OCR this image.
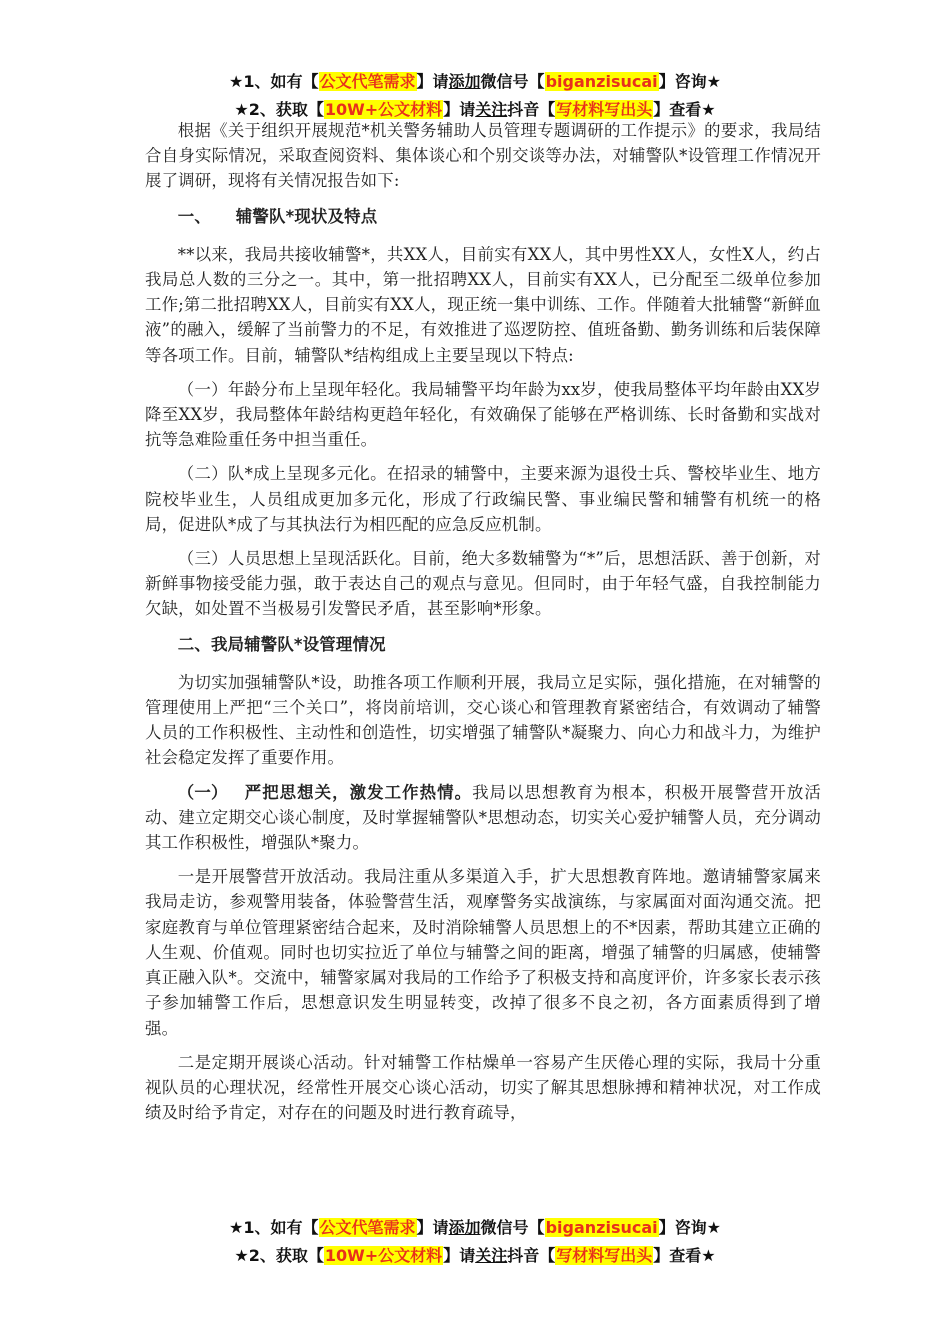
★1、如有【公文代笔需求】请添加微信号【biganzisucai】咨询★
★2、获取【10W+公文材料】请关注抖音【写材料写出头】查看★

根据《关于组织开展规范*机关警务辅助人员管理专题调研的工作提示》的要求，我局结合自身实际情况，采取查阅资料、集体谈心和个别交谈等办法，对辅警队*设管理工作情况开展了调研，现将有关情况报告如下:

一、 辅警队*现状及特点

**以来，我局共接收辅警*，共XX人，目前实有XX人，其中男性XX人，女性X人，约占我局总人数的三分之一。其中，第一批招聘XX人，目前实有XX人，已分配至二级单位参加工作;第二批招聘XX人，目前实有XX人，现正统一集中训练、工作。伴随着大批辅警“新鲜血液”的融入，缓解了当前警力的不足，有效推进了巡逻防控、值班备勤、勤务训练和后装保障等各项工作。目前，辅警队*结构组成上主要呈现以下特点:

（一）年龄分布上呈现年轻化。我局辅警平均年龄为xx岁，使我局整体平均年龄由XX岁降至XX岁，我局整体年龄结构更趋年轻化，有效确保了能够在严格训练、长时备勤和实战对抗等急难险重任务中担当重任。

（二）队*成上呈现多元化。在招录的辅警中，主要来源为退役士兵、警校毕业生、地方院校毕业生，人员组成更加多元化，形成了行政编民警、事业编民警和辅警有机统一的格局，促进队*成了与其执法行为相匹配的应急反应机制。

（三）人员思想上呈现活跃化。目前，绝大多数辅警为“*”后，思想活跃、善于创新，对新鲜事物接受能力强，敢于表达自己的观点与意见。但同时，由于年轻气盛，自我控制能力欠缺，如处置不当极易引发警民矛盾，甚至影响*形象。

二、我局辅警队*设管理情况

为切实加强辅警队*设，助推各项工作顺利开展，我局立足实际，强化措施，在对辅警的管理使用上严把“三个关口”，将岗前培训，交心谈心和管理教育紧密结合，有效调动了辅警人员的工作积极性、主动性和创造性，切实增强了辅警队*凝聚力、向心力和战斗力，为维护社会稳定发挥了重要作用。

（一） 严把思想关，激发工作热情。我局以思想教育为根本，积极开展警营开放活动、建立定期交心谈心制度，及时掌握辅警队*思想动态，切实关心爱护辅警人员，充分调动其工作积极性，增强队*聚力。

一是开展警营开放活动。我局注重从多渠道入手，扩大思想教育阵地。邀请辅警家属来我局走访，参观警用装备，体验警营生活，观摩警务实战演练，与家属面对面沟通交流。把家庭教育与单位管理紧密结合起来，及时消除辅警人员思想上的不*因素，帮助其建立正确的人生观、价值观。同时也切实拉近了单位与辅警之间的距离，增强了辅警的归属感，使辅警真正融入队*。交流中，辅警家属对我局的工作给予了积极支持和高度评价，许多家长表示孩子参加辅警工作后，思想意识发生明显转变，改掉了很多不良之初，各方面素质得到了增强。

二是定期开展谈心活动。针对辅警工作枯燥单一容易产生厌倦心理的实际，我局十分重视队员的心理状况，经常性开展交心谈心活动，切实了解其思想脉搏和精神状况，对工作成绩及时给予肯定，对存在的问题及时进行教育疏导，

★1、如有【公文代笔需求】请添加微信号【biganzisucai】咨询★
★2、获取【10W+公文材料】请关注抖音【写材料写出头】查看★
